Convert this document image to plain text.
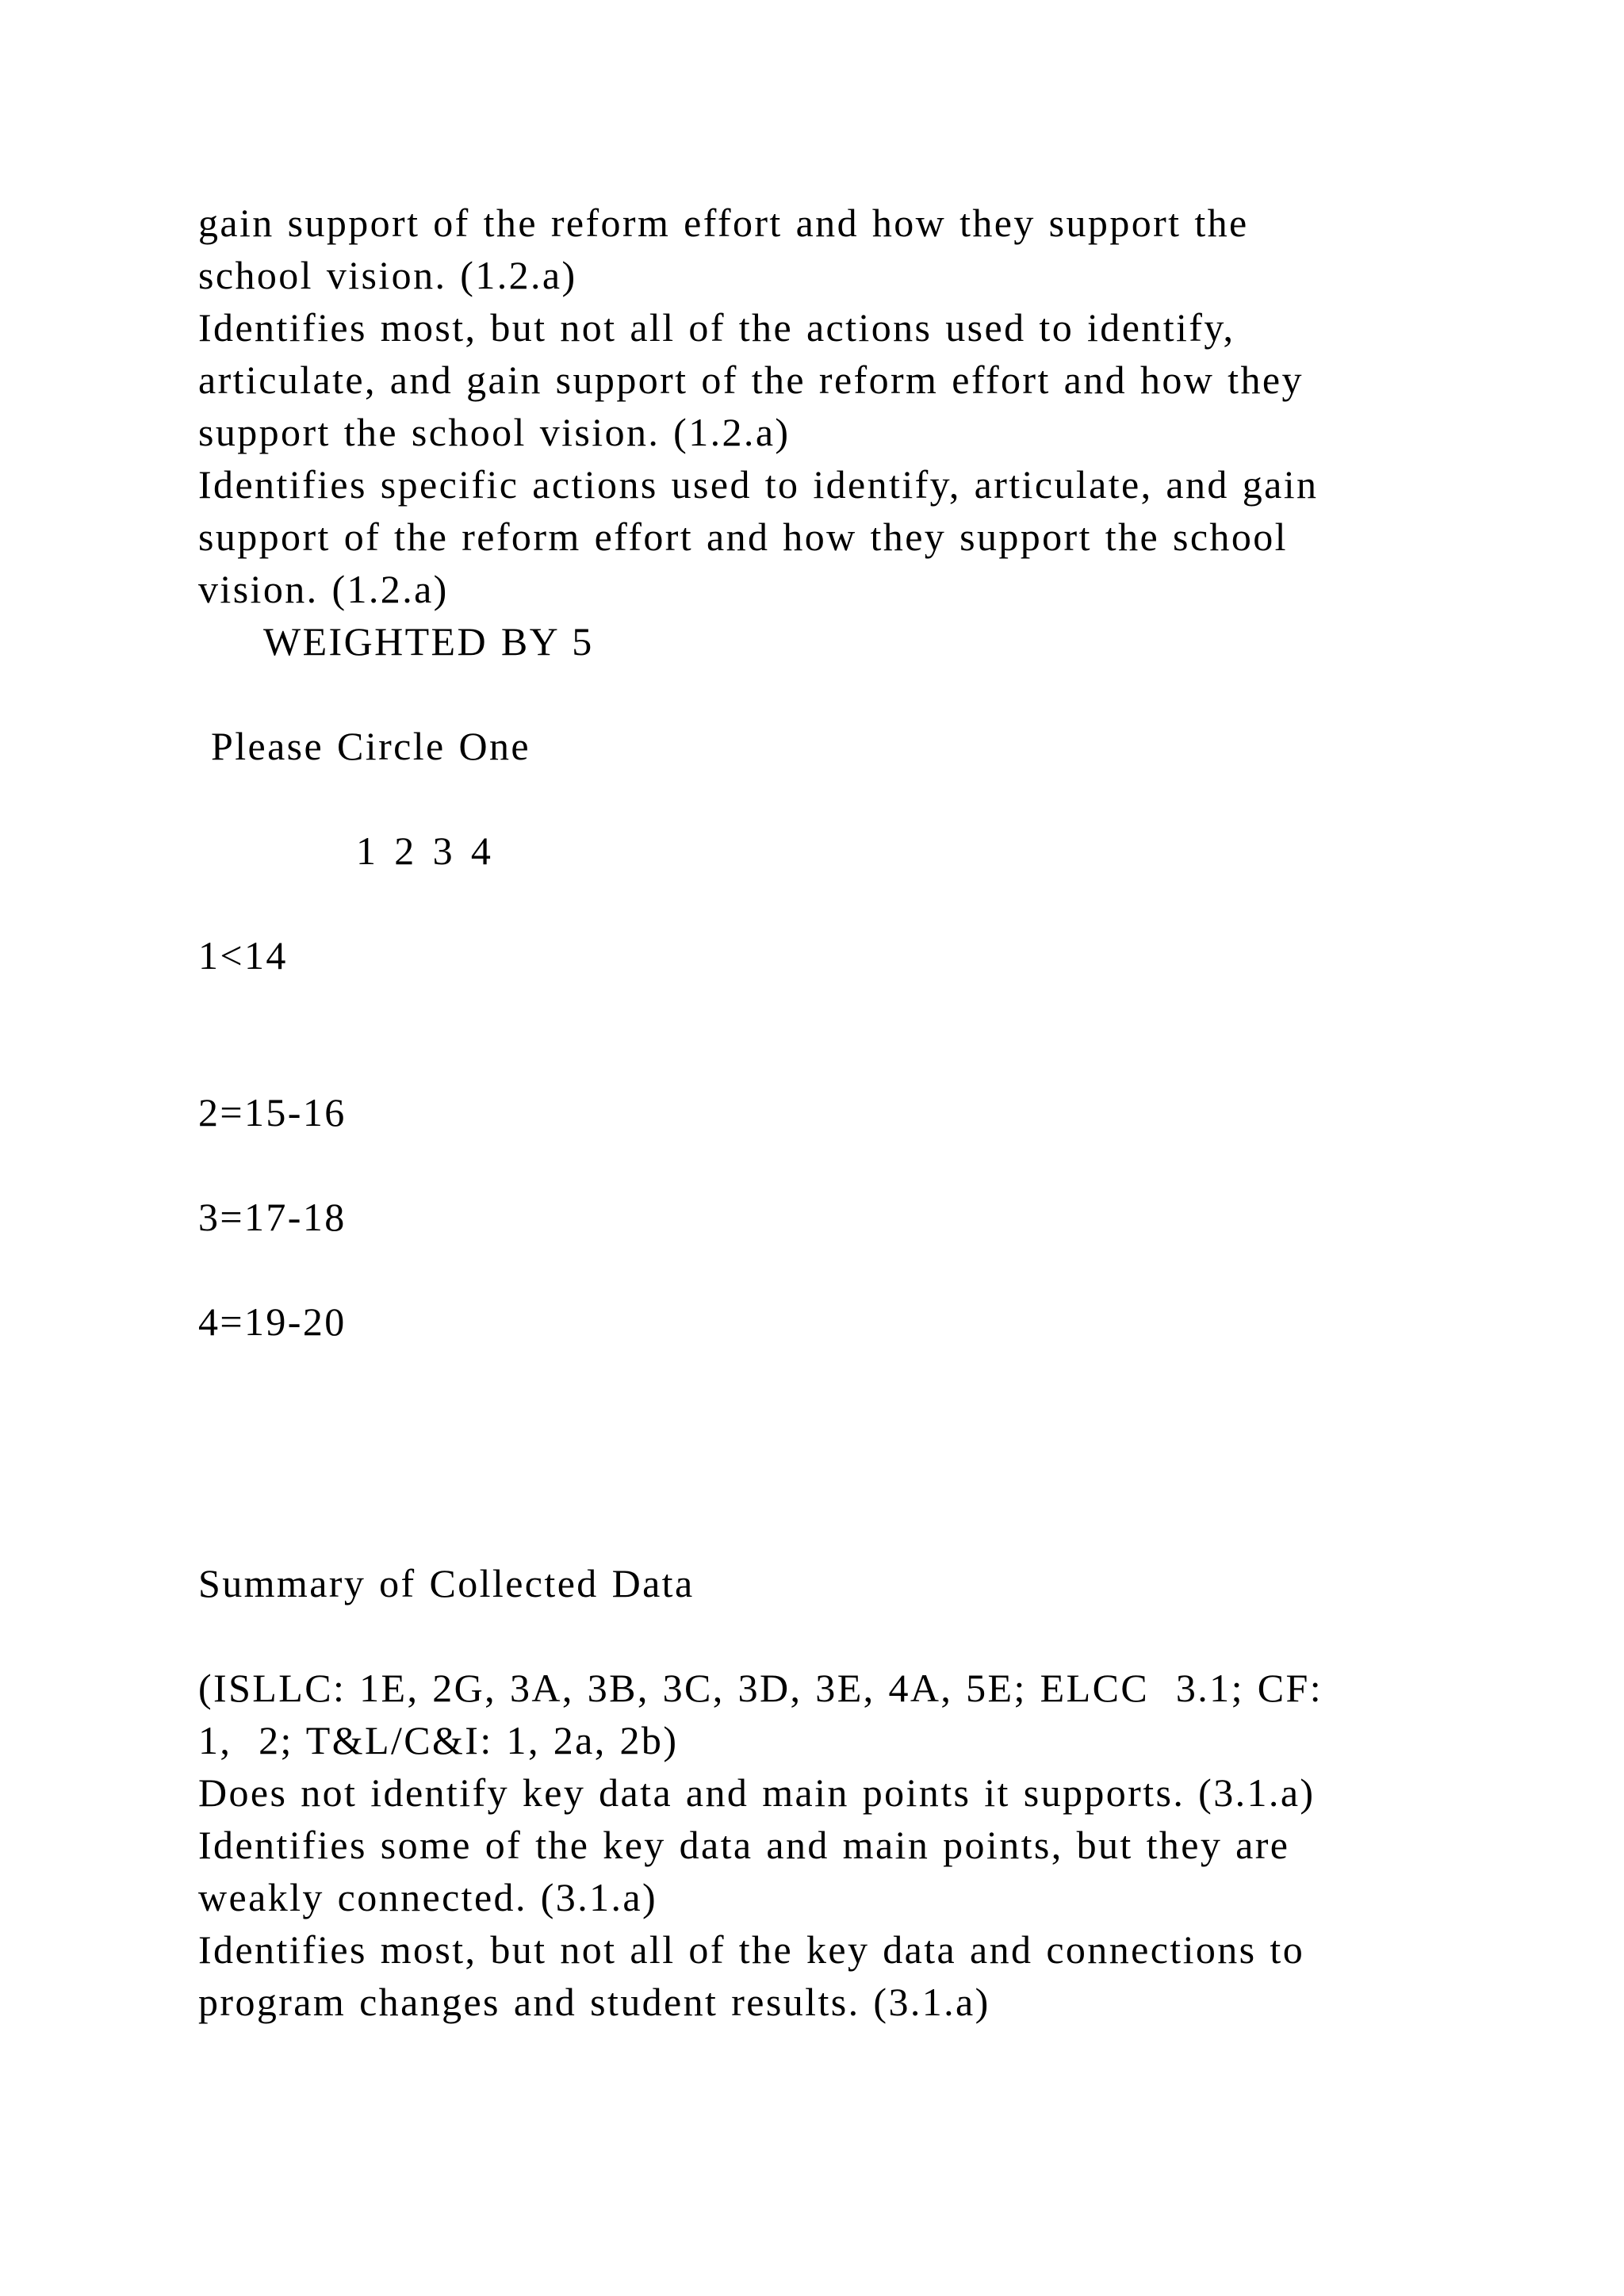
gain support of the reform effort and how they support the
school vision. (1.2.a)
Identifies most, but not all of the actions used to identify,
articulate, and gain support of the reform effort and how they
support the school vision. (1.2.a)
Identifies specific actions used to identify, articulate, and gain
support of the reform effort and how they support the school
vision. (1.2.a)
WEIGHTED BY 5
Please Circle One
1 2 3 4
1<14
2=15-16
3=17-18
4=19-20
Summary of Collected Data
(ISLLC: 1E, 2G, 3A, 3B, 3C, 3D, 3E, 4A, 5E; ELCC  3.1; CF:
1,  2; T&L/C&I: 1, 2a, 2b)
Does not identify key data and main points it supports. (3.1.a)
Identifies some of the key data and main points, but they are
weakly connected. (3.1.a)
Identifies most, but not all of the key data and connections to
program changes and student results. (3.1.a)
